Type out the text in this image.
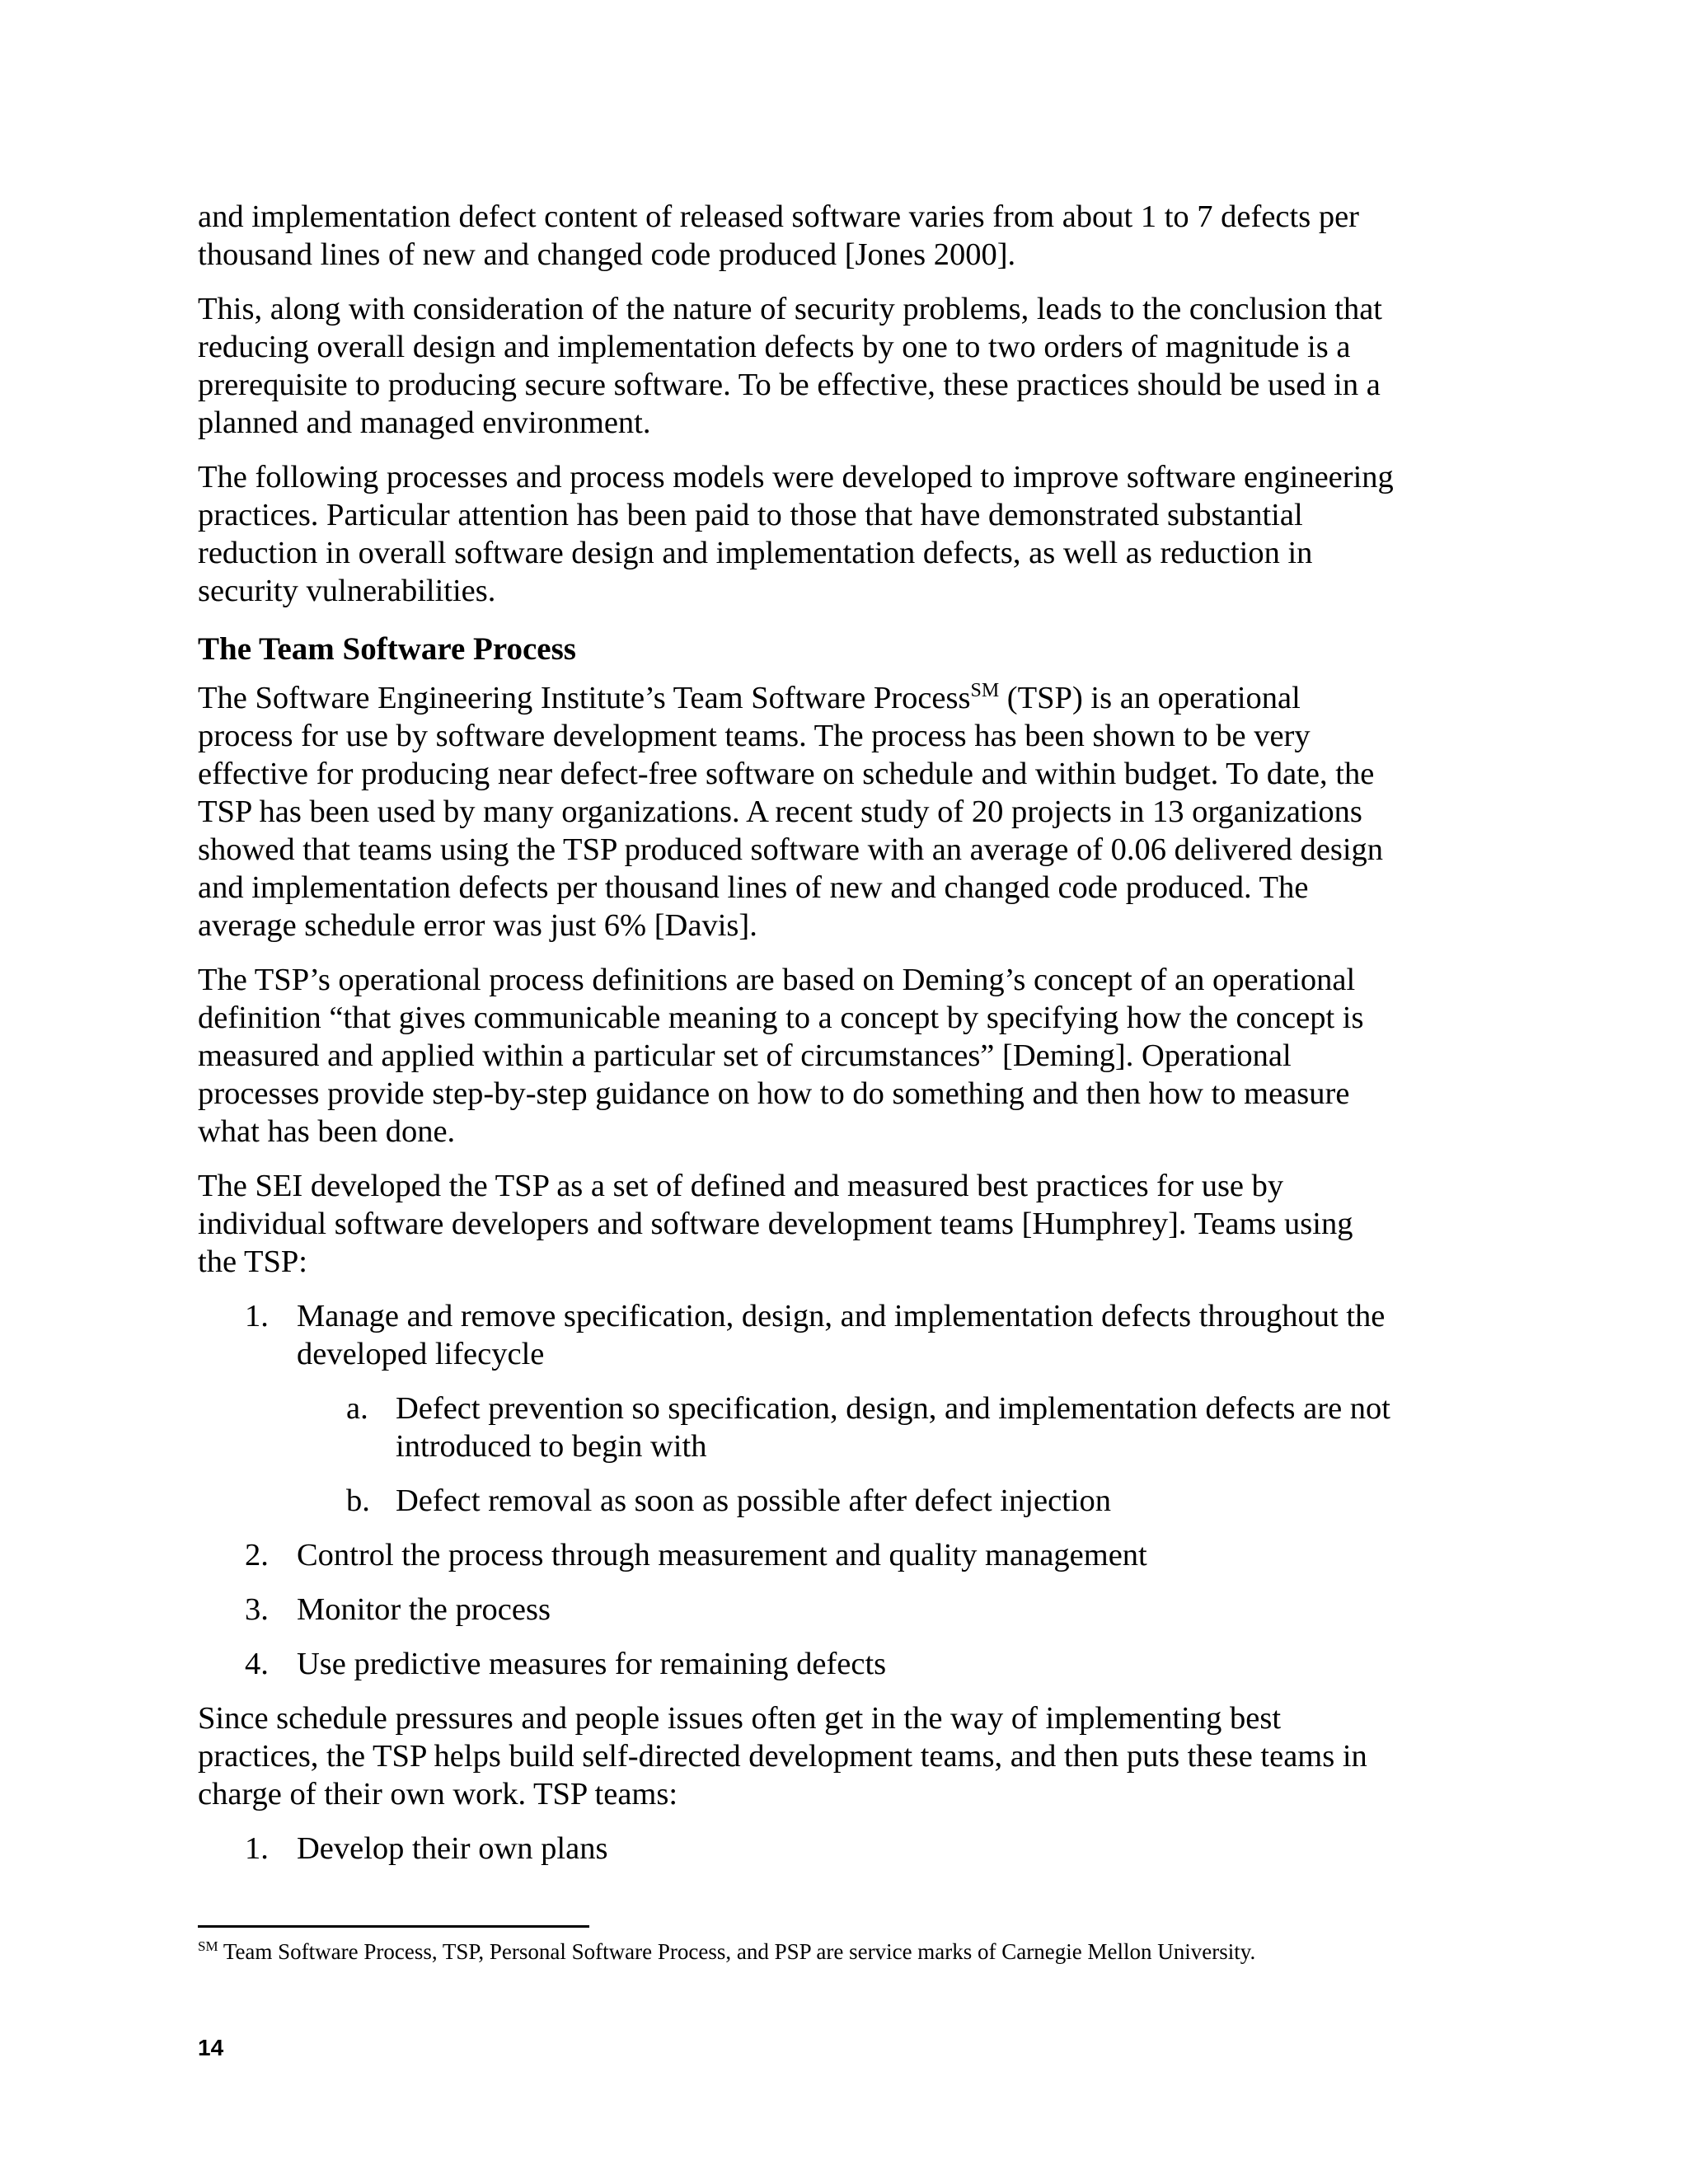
and implementation defect content of released software varies from about 1 to 7 defects per thousand lines of new and changed code produced [Jones 2000].

This, along with consideration of the nature of security problems, leads to the conclusion that reducing overall design and implementation defects by one to two orders of magnitude is a prerequisite to producing secure software. To be effective, these practices should be used in a planned and managed environment.

The following processes and process models were developed to improve software engineering practices. Particular attention has been paid to those that have demonstrated substantial reduction in overall software design and implementation defects, as well as reduction in security vulnerabilities.

The Team Software Process

The Software Engineering Institute’s Team Software Process℠ (TSP) is an operational process for use by software development teams. The process has been shown to be very effective for producing near defect-free software on schedule and within budget. To date, the TSP has been used by many organizations. A recent study of 20 projects in 13 organizations showed that teams using the TSP produced software with an average of 0.06 delivered design and implementation defects per thousand lines of new and changed code produced. The average schedule error was just 6% [Davis].

The TSP’s operational process definitions are based on Deming’s concept of an operational definition “that gives communicable meaning to a concept by specifying how the concept is measured and applied within a particular set of circumstances” [Deming]. Operational processes provide step-by-step guidance on how to do something and then how to measure what has been done.

The SEI developed the TSP as a set of defined and measured best practices for use by individual software developers and software development teams [Humphrey]. Teams using the TSP:

1. Manage and remove specification, design, and implementation defects throughout the developed lifecycle
a. Defect prevention so specification, design, and implementation defects are not introduced to begin with
b. Defect removal as soon as possible after defect injection
2. Control the process through measurement and quality management
3. Monitor the process
4. Use predictive measures for remaining defects

Since schedule pressures and people issues often get in the way of implementing best practices, the TSP helps build self-directed development teams, and then puts these teams in charge of their own work. TSP teams:

1. Develop their own plans
℠ Team Software Process, TSP, Personal Software Process, and PSP are service marks of Carnegie Mellon University.
14
